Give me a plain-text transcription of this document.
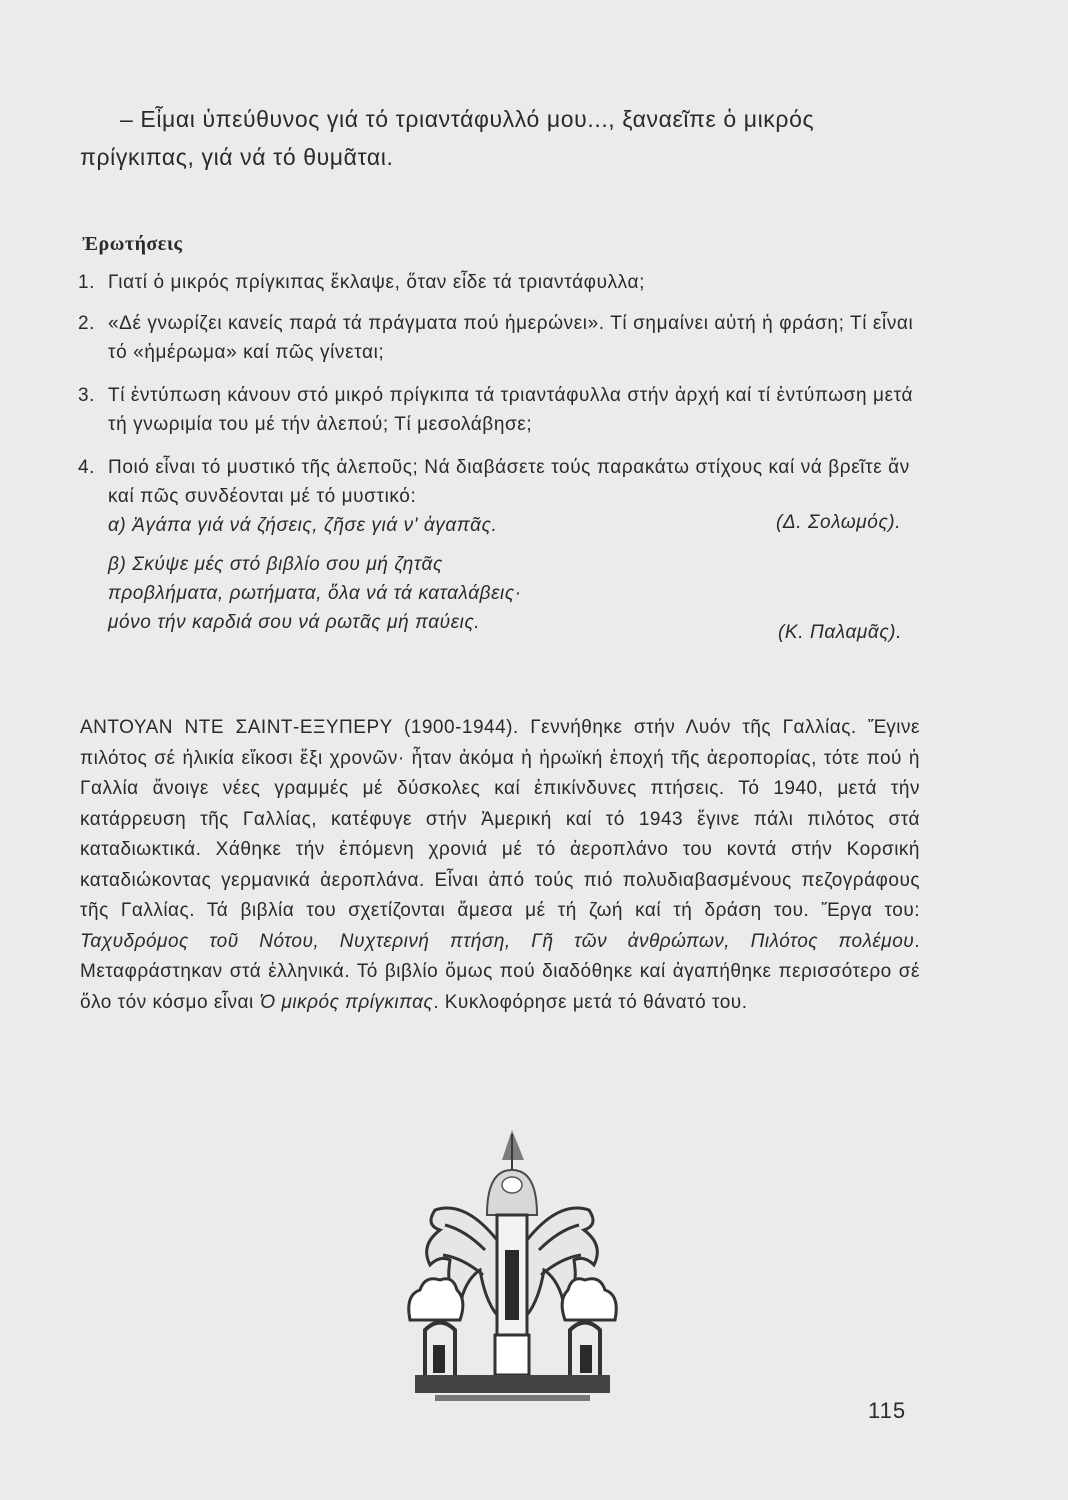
– Εἶμαι ὑπεύθυνος γιά τό τριαντάφυλλό μου..., ξαναεῖπε ὁ μικρός
πρίγκιπας, γιά νά τό θυμᾶται.
Ἐρωτήσεις
1. Γιατί ὁ μικρός πρίγκιπας ἔκλαψε, ὅταν εἶδε τά τριαντάφυλλα;
2. «Δέ γνωρίζει κανείς παρά τά πράγματα πού ἡμερώνει». Τί σημαίνει αὐτή ἡ φράση; Τί εἶναι τό «ἡμέρωμα» καί πῶς γίνεται;
3. Τί ἐντύπωση κάνουν στό μικρό πρίγκιπα τά τριαντάφυλλα στήν ἀρχή καί τί ἐντύπωση μετά τή γνωριμία του μέ τήν ἀλεπού; Τί μεσολάβησε;
4. Ποιό εἶναι τό μυστικό τῆς ἀλεποῦς; Νά διαβάσετε τούς παρακάτω στίχους καί νά βρεῖτε ἄν καί πῶς συνδέονται μέ τό μυστικό:
α) Ἀγάπα γιά νά ζήσεις, ζῆσε γιά ν' ἀγαπᾶς.
β) Σκύψε μές στό βιβλίο σου μή ζητᾶς
προβλήματα, ρωτήματα, ὅλα νά τά καταλάβεις·
μόνο τήν καρδιά σου νά ρωτᾶς μή παύεις.
(Δ. Σολωμός).
(Κ. Παλαμᾶς).
ΑΝΤΟΥΑΝ ΝΤΕ ΣΑΙΝΤ-ΕΞΥΠΕΡΥ (1900-1944). Γεννήθηκε στήν Λυόν τῆς Γαλλίας. Ἔγινε πιλότος σέ ἡλικία εἴκοσι ἕξι χρονῶν· ἦταν ἀκόμα ἡ ἡρωϊκή ἐποχή τῆς ἀεροπορίας, τότε πού ἡ Γαλλία ἄνοιγε νέες γραμμές μέ δύσκολες καί ἐπικίνδυνες πτήσεις. Τό 1940, μετά τήν κατάρρευση τῆς Γαλλίας, κατέφυγε στήν Ἀμερική καί τό 1943 ἔγινε πάλι πιλότος στά καταδιωκτικά. Χάθηκε τήν ἑπόμενη χρονιά μέ τό ἀεροπλάνο του κοντά στήν Κορσική καταδιώκοντας γερμανικά ἀεροπλάνα. Εἶναι ἀπό τούς πιό πολυδιαβασμένους πεζογράφους τῆς Γαλλίας. Τά βιβλία του σχετίζονται ἄμεσα μέ τή ζωή καί τή δράση του. Ἔργα του: Ταχυδρόμος τοῦ Νότου, Νυχτερινή πτήση, Γῆ τῶν ἀνθρώπων, Πιλότος πολέμου. Μεταφράστηκαν στά ἑλληνικά. Τό βιβλίο ὅμως πού διαδόθηκε καί ἀγαπήθηκε περισσότερο σέ ὅλο τόν κόσμο εἶναι Ὁ μικρός πρίγκιπας. Κυκλοφόρησε μετά τό θάνατό του.
115
